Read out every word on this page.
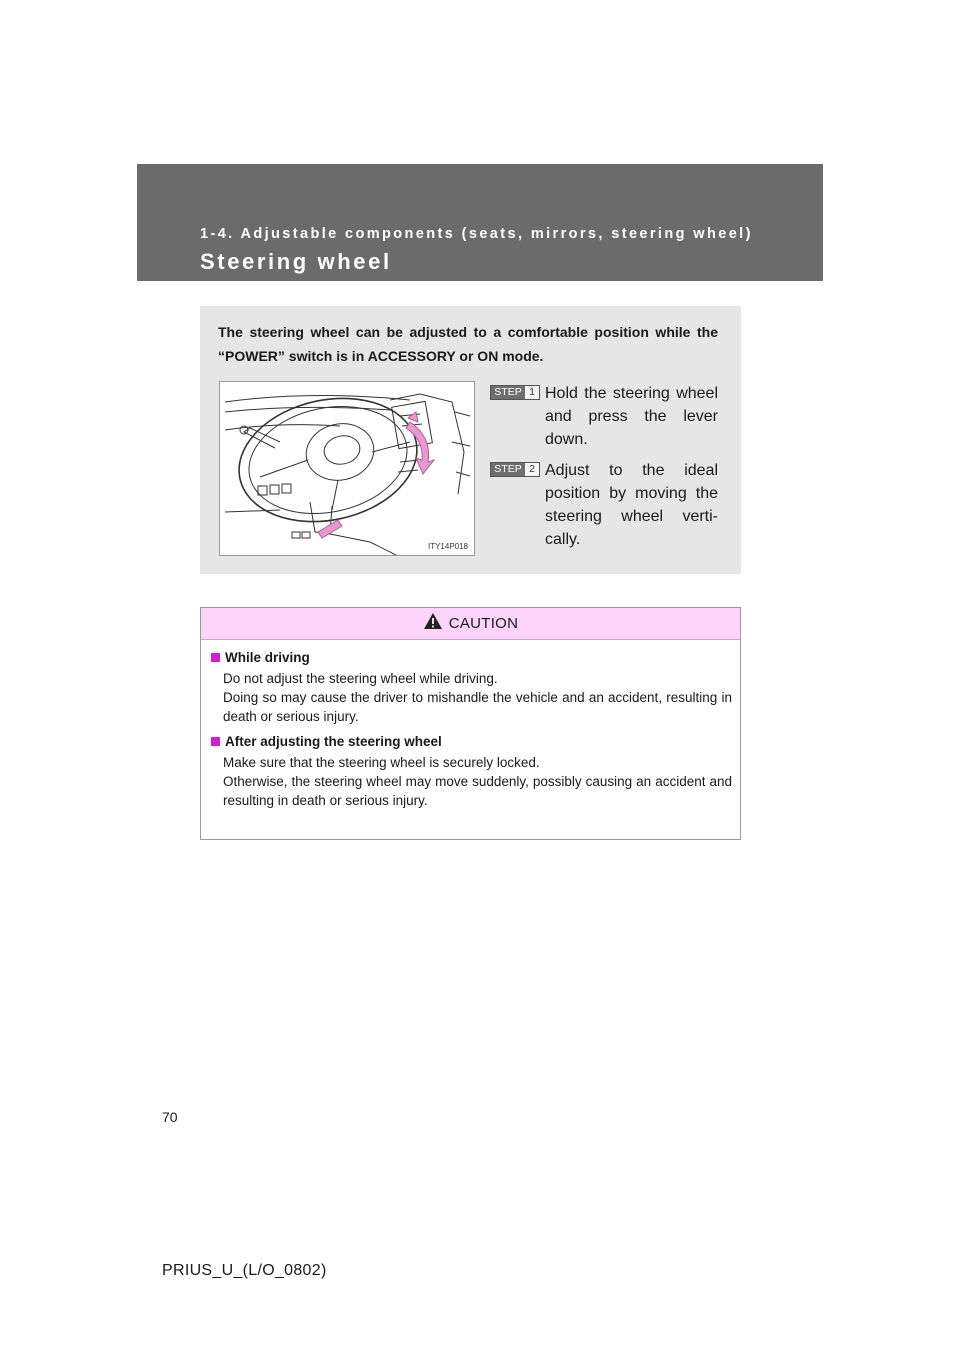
1-4. Adjustable components (seats, mirrors, steering wheel)
Steering wheel
The steering wheel can be adjusted to a comfortable position while the “POWER” switch is in ACCESSORY or ON mode.
ITY14P018
STEP 1 Hold the steering wheel and press the lever down.
STEP 2 Adjust to the ideal position by moving the steering wheel verti-cally.
CAUTION
While driving
Do not adjust the steering wheel while driving.
Doing so may cause the driver to mishandle the vehicle and an accident, resulting in death or serious injury.
After adjusting the steering wheel
Make sure that the steering wheel is securely locked.
Otherwise, the steering wheel may move suddenly, possibly causing an accident and resulting in death or serious injury.
70
PRIUS_U_(L/O_0802)
